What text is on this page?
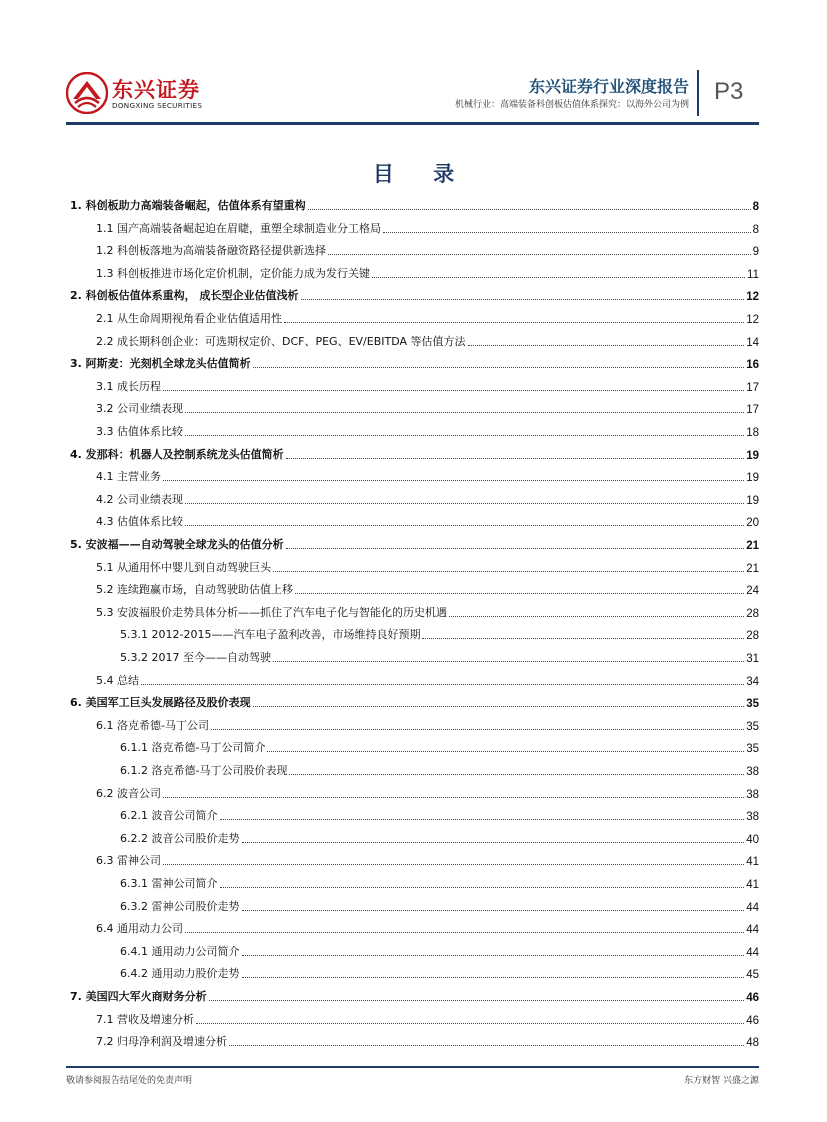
东兴证券
DONGXING SECURITIES
东兴证券行业深度报告
机械行业：高端装备科创板估值体系探究：以海外公司为例 P3
目 录
1. 科创板助力高端装备崛起，估值体系有望重构	8
1.1 国产高端装备崛起迫在眉睫，重塑全球制造业分工格局	8
1.2 科创板落地为高端装备融资路径提供新选择	9
1.3 科创板推进市场化定价机制，定价能力成为发行关键	11
2. 科创板估值体系重构， 成长型企业估值浅析	12
2.1 从生命周期视角看企业估值适用性	12
2.2 成长期科创企业：可选期权定价、DCF、PEG、EV/EBITDA 等估值方法	14
3. 阿斯麦：光刻机全球龙头估值简析	16
3.1 成长历程	17
3.2 公司业绩表现	17
3.3 估值体系比较	18
4. 发那科：机器人及控制系统龙头估值简析	19
4.1 主营业务	19
4.2 公司业绩表现	19
4.3 估值体系比较	20
5. 安波福——自动驾驶全球龙头的估值分析	21
5.1 从通用怀中婴儿到自动驾驶巨头	21
5.2 连续跑赢市场，自动驾驶助估值上移	24
5.3 安波福股价走势具体分析——抓住了汽车电子化与智能化的历史机遇	28
5.3.1 2012-2015——汽车电子盈利改善，市场维持良好预期	28
5.3.2 2017 至今——自动驾驶	31
5.4 总结	34
6. 美国军工巨头发展路径及股价表现	35
6.1 洛克希德-马丁公司	35
6.1.1 洛克希德-马丁公司简介	35
6.1.2 洛克希德-马丁公司股价表现	38
6.2 波音公司	38
6.2.1 波音公司简介	38
6.2.2 波音公司股价走势	40
6.3 雷神公司	41
6.3.1 雷神公司简介	41
6.3.2 雷神公司股价走势	44
6.4 通用动力公司	44
6.4.1 通用动力公司简介	44
6.4.2 通用动力股价走势	45
7. 美国四大军火商财务分析	46
7.1 营收及增速分析	46
7.2 归母净利润及增速分析	48
敬请参阅报告结尾处的免责声明	东方财智 兴盛之源
